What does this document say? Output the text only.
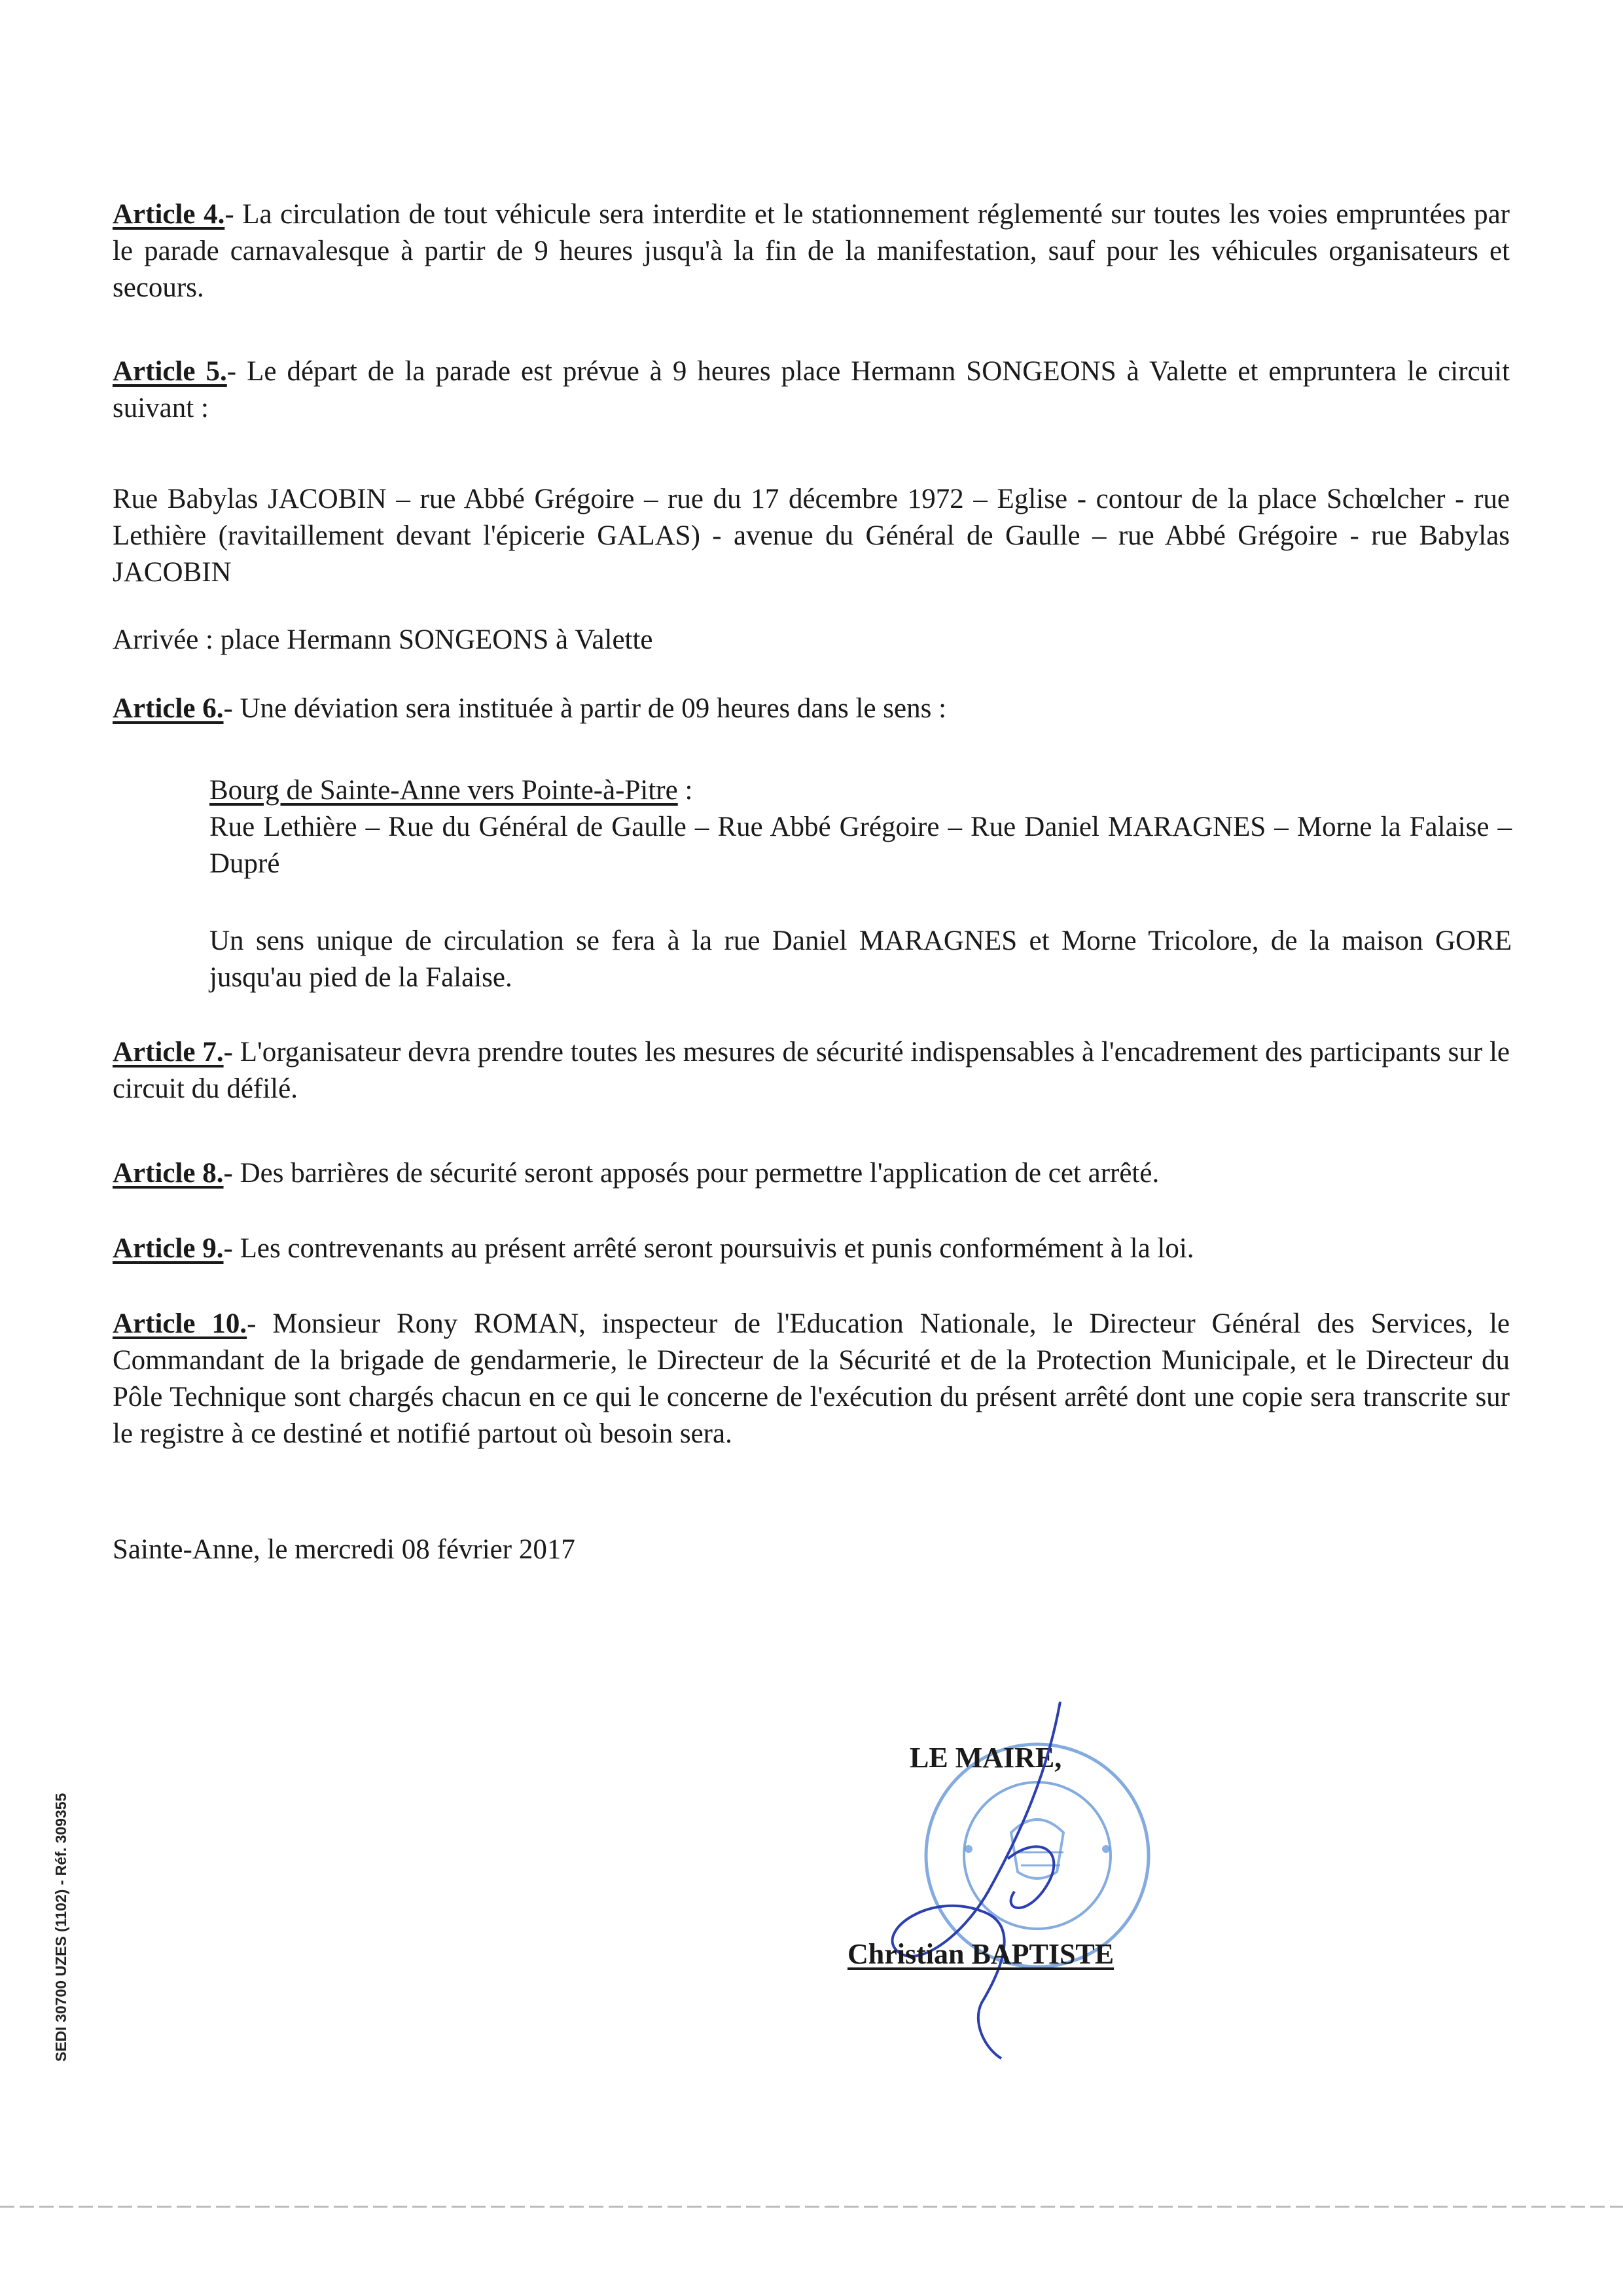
Article 4.- La circulation de tout véhicule sera interdite et le stationnement réglementé sur toutes les voies empruntées par le parade carnavalesque à partir de 9 heures jusqu'à la fin de la manifestation, sauf pour les véhicules organisateurs et secours.
Article 5.- Le départ de la parade est prévue à 9 heures place Hermann SONGEONS à Valette et empruntera le circuit suivant :
Rue Babylas JACOBIN – rue Abbé Grégoire – rue du 17 décembre 1972 – Eglise - contour de la place Schœlcher - rue Lethière (ravitaillement devant l'épicerie GALAS) - avenue du Général de Gaulle – rue Abbé Grégoire - rue Babylas JACOBIN
Arrivée : place Hermann SONGEONS à Valette
Article 6.- Une déviation sera instituée à partir de 09 heures dans le sens :
Bourg de Sainte-Anne vers Pointe-à-Pitre :
Rue Lethière – Rue du Général de Gaulle – Rue Abbé Grégoire – Rue Daniel MARAGNES – Morne la Falaise – Dupré
Un sens unique de circulation se fera à la rue Daniel MARAGNES et Morne Tricolore, de la maison GORE jusqu'au pied de la Falaise.
Article 7.- L'organisateur devra prendre toutes les mesures de sécurité indispensables à l'encadrement des participants sur le circuit du défilé.
Article 8.- Des barrières de sécurité seront apposés pour permettre l'application de cet arrêté.
Article 9.- Les contrevenants au présent arrêté seront poursuivis et punis conformément à la loi.
Article 10.- Monsieur Rony ROMAN, inspecteur de l'Education Nationale, le Directeur Général des Services, le Commandant de la brigade de gendarmerie, le Directeur de la Sécurité et de la Protection Municipale, et le Directeur du Pôle Technique sont chargés chacun en ce qui le concerne de l'exécution du présent arrêté dont une copie sera transcrite sur le registre à ce destiné et notifié partout où besoin sera.
Sainte-Anne, le mercredi 08 février 2017
LE MAIRE,
Christian BAPTISTE
SEDI 30700 UZES (1102) - Réf. 309355
